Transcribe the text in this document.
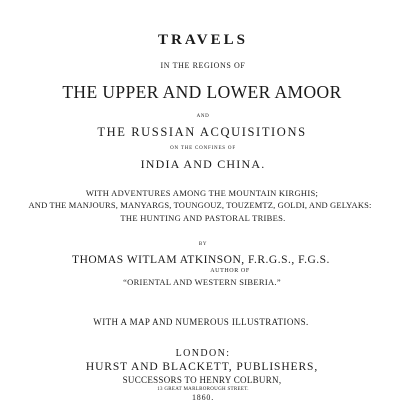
TRAVELS
IN THE REGIONS OF
THE UPPER AND LOWER AMOOR
AND
THE RUSSIAN ACQUISITIONS
ON THE CONFINES OF
INDIA AND CHINA.
WITH ADVENTURES AMONG THE MOUNTAIN KIRGHIS;
AND THE MANJOURS, MANYARGS, TOUNGOUZ, TOUZEMTZ, GOLDI, AND GELYAKS:
THE HUNTING AND PASTORAL TRIBES.
BY
THOMAS WITLAM ATKINSON, F.R.G.S., F.G.S.
AUTHOR OF
“ORIENTAL AND WESTERN SIBERIA.”
WITH A MAP AND NUMEROUS ILLUSTRATIONS.
LONDON:
HURST AND BLACKETT, PUBLISHERS,
SUCCESSORS TO HENRY COLBURN,
13 GREAT MARLBOROUGH STREET.
1860.
